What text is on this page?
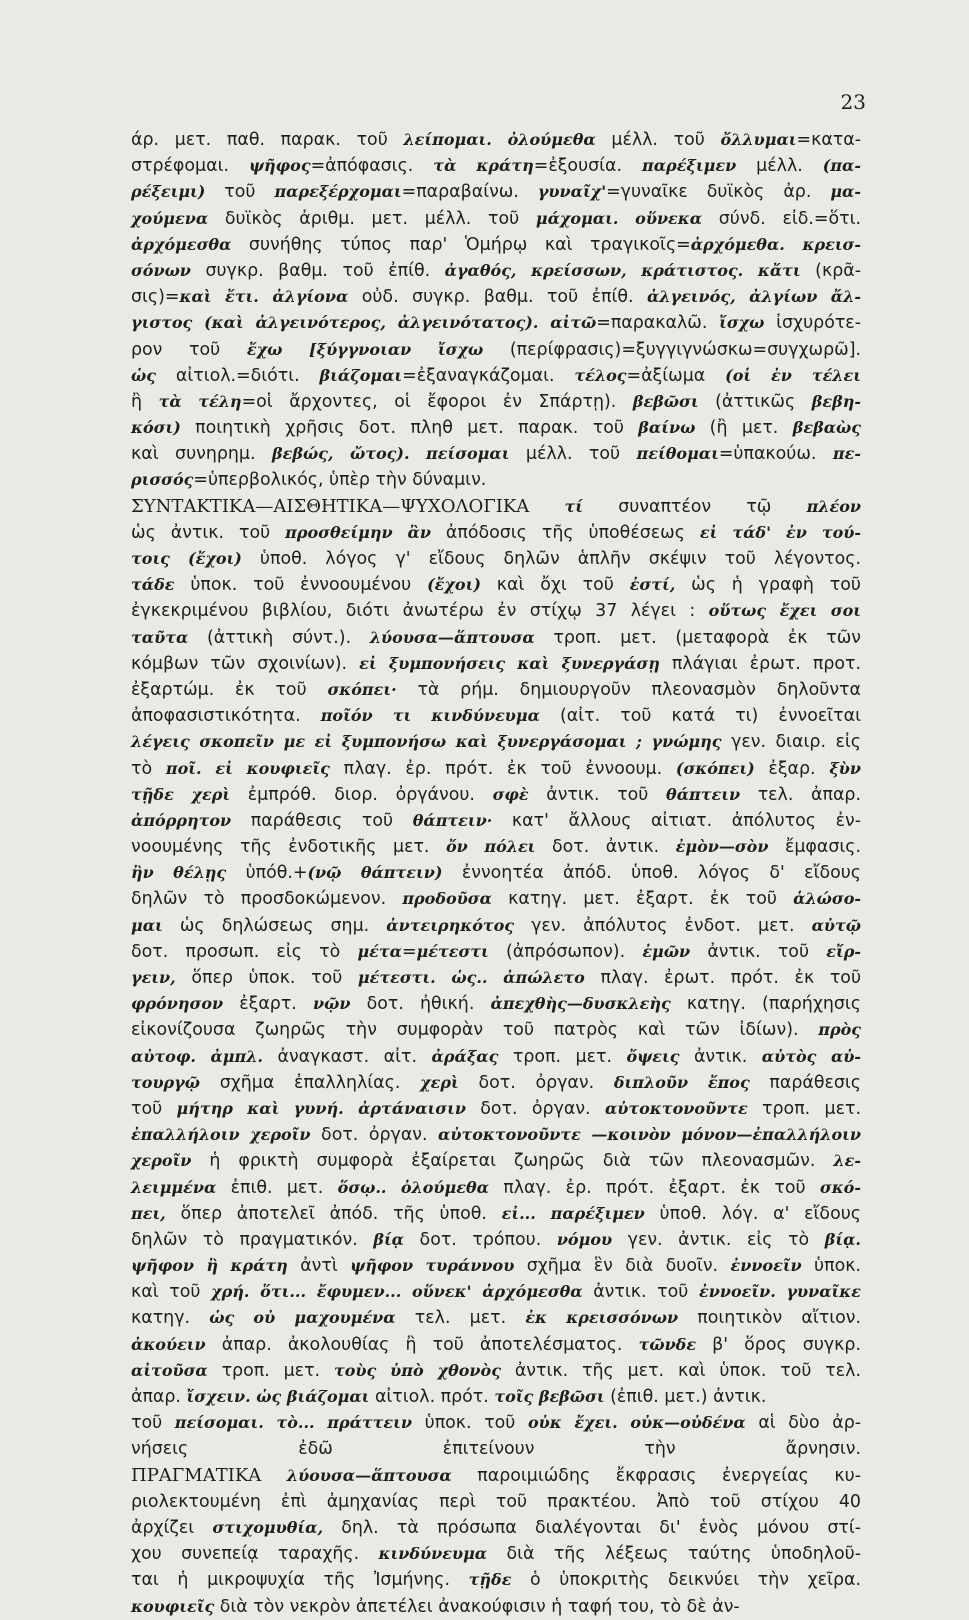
23
άρ. μετ. παθ. παρακ. τοῦ λείπομαι. ὀλούμεθα μέλλ. τοῦ ὄλλυμαι=κατα-
στρέφομαι. ψῆφος=ἀπόφασις. τὰ κράτη=ἐξουσία. παρέξιμεν μέλλ. (πα-
ρέξειμι) τοῦ παρεξέρχομαι=παραβαίνω. γυναῖχ'=γυναῖκε δυϊκὸς ἀρ. μα-
χούμενα δυϊκὸς ἀριθμ. μετ. μέλλ. τοῦ μάχομαι. οὕνεκα σύνδ. εἰδ.=ὅτι.
ἀρχόμεσθα συνήθης τύπος παρ' Ὁμήρῳ καὶ τραγικοῖς=ἀρχόμεθα. κρεισ-
σόνων συγκρ. βαθμ. τοῦ ἐπίθ. ἀγαθός, κρείσσων, κράτιστος. κἄτι (κρᾶ-
σις)=καὶ ἔτι. ἀλγίονα οὐδ. συγκρ. βαθμ. τοῦ ἐπίθ. ἀλγεινός, ἀλγίων ἄλ-
γιστος (καὶ ἀλγεινότερος, ἀλγεινότατος). αἰτῶ=παρακαλῶ. ἴσχω ἰσχυρότε-
ρον τοῦ ἔχω [ξύγγνοιαν ἴσχω (περίφρασις)=ξυγγιγνώσκω=συγχωρῶ].
ὡς αἰτιολ.=διότι. βιάζομαι=ἐξαναγκάζομαι. τέλος=ἀξίωμα (οἱ ἐν τέλει
ἢ τὰ τέλη=οἱ ἄρχοντες, οἱ ἔφοροι ἐν Σπάρτῃ). βεβῶσι (ἀττικῶς βεβη-
κόσι) ποιητικὴ χρῆσις δοτ. πληθ μετ. παρακ. τοῦ βαίνω (ἢ μετ. βεβαὼς
καὶ συνηρημ. βεβώς, ὤτος). πείσομαι μέλλ. τοῦ πείθομαι=ὑπακούω. πε-
ρισσός=ὑπερβολικός, ὑπὲρ τὴν δύναμιν.
ΣΥΝΤΑΚΤΙΚΑ—ΑΙΣΘΗΤΙΚΑ—ΨΥΧΟΛΟΓΙΚΑ τί συναπτέον τῷ πλέον
ὡς ἀντικ. τοῦ προσθείμην ἂν ἀπόδοσις τῆς ὑποθέσεως εἰ τάδ' ἐν τού-
τοις (ἔχοι) ὑποθ. λόγος γ' εἴδους δηλῶν ἁπλῆν σκέψιν τοῦ λέγοντος.
τάδε ὑποκ. τοῦ ἐννοουμένου (ἔχοι) καὶ ὄχι τοῦ ἐστί, ὡς ἡ γραφὴ τοῦ
ἐγκεκριμένου βιβλίου, διότι ἀνωτέρω ἐν στίχῳ 37 λέγει : οὕτως ἔχει σοι
ταῦτα (ἀττικὴ σύντ.). λύουσα—ἅπτουσα τροπ. μετ. (μεταφορὰ ἐκ τῶν
κόμβων τῶν σχοινίων). εἰ ξυμπονήσεις καὶ ξυνεργάσῃ πλάγιαι ἐρωτ. προτ.
ἐξαρτώμ. ἐκ τοῦ σκόπει· τὰ ρήμ. δημιουργοῦν πλεονασμὸν δηλοῦντα
ἀποφασιστικότητα. ποῖόν τι κινδύνευμα (αἰτ. τοῦ κατά τι) ἐννοεῖται
λέγεις σκοπεῖν με εἰ ξυμπονήσω καὶ ξυνεργάσομαι ; γνώμης γεν. διαιρ. εἰς
τὸ ποῖ. εἰ κουφιεῖς πλαγ. ἐρ. πρότ. ἐκ τοῦ ἐννοουμ. (σκόπει) ἐξαρ. ξὺν
τῇδε χερὶ ἐμπρόθ. διορ. ὀργάνου. σφὲ ἀντικ. τοῦ θάπτειν τελ. ἀπαρ.
ἀπόρρητον παράθεσις τοῦ θάπτειν· κατ' ἄλλους αἰτιατ. ἀπόλυτος ἐν-
νοουμένης τῆς ἐνδοτικῆς μετ. ὄν πόλει δοτ. ἀντικ. ἐμὸν—σὸν ἔμφασις.
ἢν θέλῃς ὑπόθ.+(νῷ θάπτειν) ἐννοητέα ἀπόδ. ὑποθ. λόγος δ' εἴδους
δηλῶν τὸ προσδοκώμενον. προδοῦσα κατηγ. μετ. ἐξαρτ. ἐκ τοῦ ἁλώσο-
μαι ὡς δηλώσεως σημ. ἀντειρηκότος γεν. ἀπόλυτος ἐνδοτ. μετ. αὐτῷ
δοτ. προσωπ. εἰς τὸ μέτα=μέτεστι (ἀπρόσωπον). ἐμῶν ἀντικ. τοῦ εἴρ-
γειν, ὅπερ ὑποκ. τοῦ μέτεστι. ὡς.. ἀπώλετο πλαγ. ἐρωτ. πρότ. ἐκ τοῦ
φρόνησον ἐξαρτ. νῷν δοτ. ἠθική. ἀπεχθὴς—δυσκλεὴς κατηγ. (παρήχησις
εἰκονίζουσα ζωηρῶς τὴν συμφορὰν τοῦ πατρὸς καὶ τῶν ἰδίων). πρὸς
αὐτοφ. ἀμπλ. ἀναγκαστ. αἰτ. ἀράξας τροπ. μετ. ὄψεις ἀντικ. αὐτὸς αὐ-
τουργῷ σχῆμα ἐπαλληλίας. χερὶ δοτ. ὀργαν. διπλοῦν ἔπος παράθεσις
τοῦ μήτηρ καὶ γυνή. ἀρτάναισιν δοτ. ὀργαν. αὐτοκτονοῦντε τροπ. μετ.
ἐπαλλήλοιν χεροῖν δοτ. ὀργαν. αὐτοκτονοῦντε —κοινὸν μόνον—ἐπαλλήλοιν
χεροῖν ἡ φρικτὴ συμφορὰ ἐξαίρεται ζωηρῶς διὰ τῶν πλεονασμῶν. λε-
λειμμένα ἐπιθ. μετ. ὅσῳ.. ὀλούμεθα πλαγ. ἐρ. πρότ. ἐξαρτ. ἐκ τοῦ σκό-
πει, ὅπερ ἀποτελεῖ ἀπόδ. τῆς ὑποθ. εἰ... παρέξιμεν ὑποθ. λόγ. α' εἴδους
δηλῶν τὸ πραγματικόν. βίᾳ δοτ. τρόπου. νόμου γεν. ἀντικ. εἰς τὸ βίᾳ.
ψῆφον ἢ κράτη ἀντὶ ψῆφον τυράννου σχῆμα ἓν διὰ δυοῖν. ἐννοεῖν ὑποκ.
καὶ τοῦ χρή. ὅτι... ἔφυμεν... οὕνεκ' ἀρχόμεσθα ἀντικ. τοῦ ἐννοεῖν. γυναῖκε
κατηγ. ὡς οὐ μαχουμένα τελ. μετ. ἐκ κρεισσόνων ποιητικὸν αἴτιον.
ἀκούειν ἀπαρ. ἀκολουθίας ἢ τοῦ ἀποτελέσματος. τῶνδε β' ὅρος συγκρ.
αἰτοῦσα τροπ. μετ. τοὺς ὑπὸ χθονὸς ἀντικ. τῆς μετ. καὶ ὑποκ. τοῦ τελ.
ἀπαρ. ἴσχειν. ὡς βιάζομαι αἰτιολ. πρότ. τοῖς βεβῶσι (ἐπιθ. μετ.) ἀντικ.
τοῦ πείσομαι. τὸ... πράττειν ὑποκ. τοῦ οὐκ ἔχει. οὐκ—οὐδένα αἱ δὺο ἀρ-
νήσεις ἐδῶ ἐπιτείνουν τὴν ἄρνησιν.
ΠΡΑΓΜΑΤΙΚΑ λύουσα—ἅπτουσα παροιμιώδης ἔκφρασις ἐνεργείας κυ-
ριολεκτουμένη ἐπὶ ἀμηχανίας περὶ τοῦ πρακτέου. Ἀπὸ τοῦ στίχου 40
ἀρχίζει στιχομυθία, δηλ. τὰ πρόσωπα διαλέγονται δι' ἑνὸς μόνου στί-
χου συνεπείᾳ ταραχῆς. κινδύνευμα διὰ τῆς λέξεως ταύτης ὑποδηλοῦ-
ται ἡ μικροψυχία τῆς Ἰσμήνης. τῇδε ὁ ὑποκριτὴς δεικνύει τὴν χεῖρα.
κουφιεῖς διὰ τὸν νεκρὸν ἀπετέλει ἀνακούφισιν ἡ ταφή του, τὸ δὲ ἀν-
